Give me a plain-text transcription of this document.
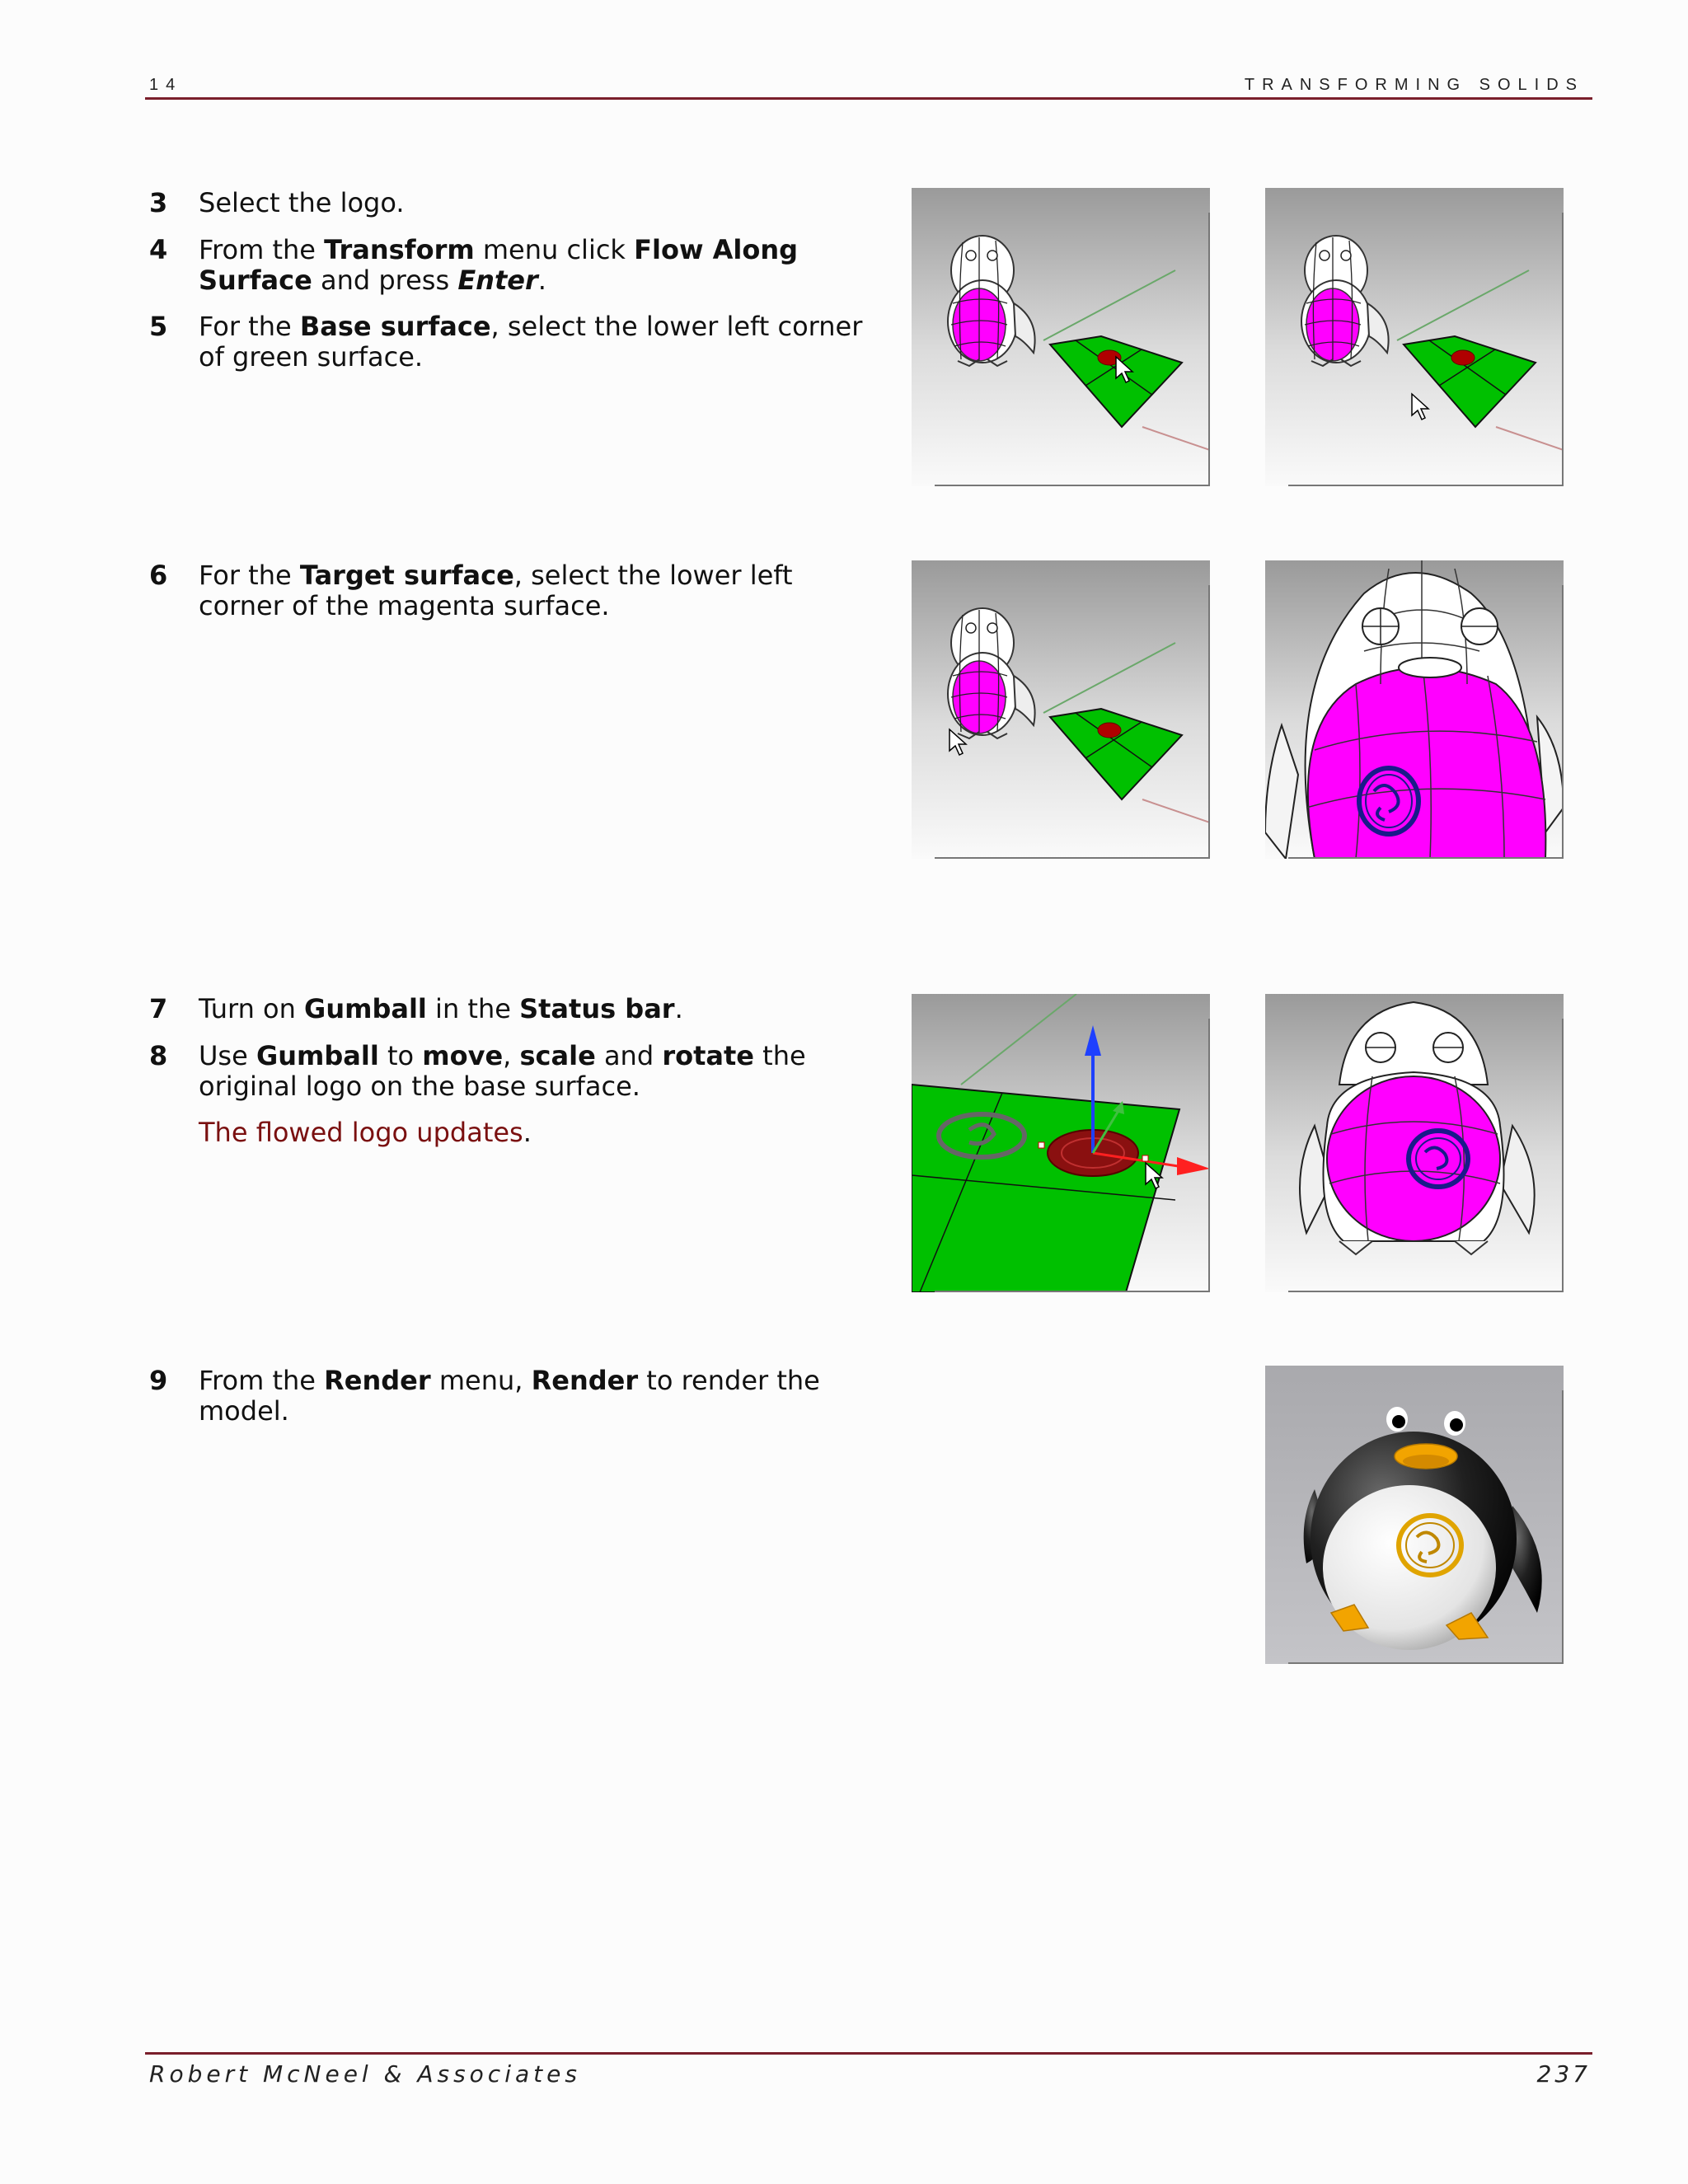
14	TRANSFORMING SOLIDS
3 Select the logo.
4 From the Transform menu click Flow Along Surface and press Enter.
5 For the Base surface, select the lower left corner of green surface.
6 For the Target surface, select the lower left corner of the magenta surface.
7 Turn on Gumball in the Status bar.
8 Use Gumball to move, scale and rotate the original logo on the base surface.
The flowed logo updates.
9 From the Render menu, Render to render the model.
Robert McNeel & Associates	237
